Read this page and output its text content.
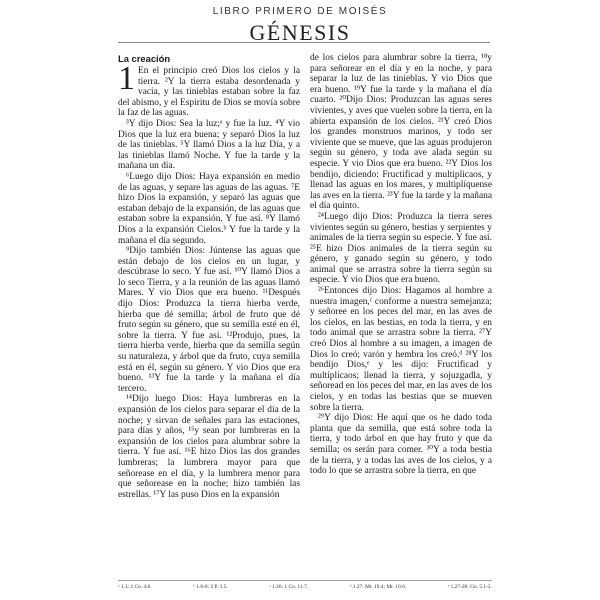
LIBRO PRIMERO DE MOISÉS
GÉNESIS
La creación

1 En el principio creó Dios los cielos y la tierra. ²Y la tierra estaba desordenada y vacía, y las tinieblas estaban sobre la faz del abismo, y el Espíritu de Dios se movía sobre la faz de las aguas.

³Y dijo Dios: Sea la luz;ᵃ y fue la luz. ⁴Y vio Dios que la luz era buena; y separó Dios la luz de las tinieblas. ⁵Y llamó Dios a la luz Día, y a las tinieblas llamó Noche. Y fue la tarde y la mañana un día.

⁶Luego dijo Dios: Haya expansión en medio de las aguas, y separe las aguas de las aguas. ⁷E hizo Dios la expansión, y separó las aguas que estaban debajo de la expansión, de las aguas que estaban sobre la expansión. Y fue así. ⁸Y llamó Dios a la expansión Cielos.ᵇ Y fue la tarde y la mañana el día segundo.

⁹Dijo también Dios: Júntense las aguas que están debajo de los cielos en un lugar, y descúbrase lo seco. Y fue así. ¹⁰Y llamó Dios a lo seco Tierra, y a la reunión de las aguas llamó Mares. Y vio Dios que era bueno. ¹¹Después dijo Dios: Produzca la tierra hierba verde, hierba que dé semilla; árbol de fruto que dé fruto según su género, que su semilla esté en él, sobre la tierra. Y fue así. ¹²Produjo, pues, la tierra hierba verde, hierba que da semilla según su naturaleza, y árbol que da fruto, cuya semilla está en él, según su género. Y vio Dios que era bueno. ¹³Y fue la tarde y la mañana el día tercero.

¹⁴Dijo luego Dios: Haya lumbreras en la expansión de los cielos para separar el día de la noche; y sirvan de señales para las estaciones, para días y años, ¹⁵y sean por lumbreras en la expansión de los cielos para alumbrar sobre la tierra. Y fue así. ¹⁶E hizo Dios las dos grandes lumbreras; la lumbrera mayor para que señorease en el día, y la lumbrera menor para que señorease en la noche; hizo también las estrellas. ¹⁷Y las puso Dios en la expansión

de los cielos para alumbrar sobre la tierra, ¹⁸y para señorear en el día y en la noche, y para separar la luz de las tinieblas. Y vio Dios que era bueno. ¹⁹Y fue la tarde y la mañana el día cuarto. ²⁰Dijo Dios: Produzcan las aguas seres vivientes, y aves que vuelen sobre la tierra, en la abierta expansión de los cielos. ²¹Y creó Dios los grandes monstruos marinos, y todo ser viviente que se mueve, que las aguas produjeron según su género, y toda ave alada según su especie. Y vio Dios que era bueno. ²²Y Dios los bendijo, diciendo: Fructificad y multiplicaos, y llenad las aguas en los mares, y multiplíquense las aves en la tierra. ²³Y fue la tarde y la mañana el día quinto.

²⁴Luego dijo Dios: Produzca la tierra seres vivientes según su género, bestias y serpientes y animales de la tierra según su especie. Y fue así. ²⁵E hizo Dios animales de la tierra según su género, y ganado según su género, y todo animal que se arrastra sobre la tierra según su especie. Y vio Dios que era bueno.

²⁶Entonces dijo Dios: Hagamos al hombre a nuestra imagen,ᶜ conforme a nuestra semejanza; y señoree en los peces del mar, en las aves de los cielos, en las bestias, en toda la tierra, y en todo animal que se arrastra sobre la tierra. ²⁷Y creó Dios al hombre a su imagen, a imagen de Dios lo creó; varón y hembra los creó.ᵈ ²⁸Y los bendijo Dios,ᵉ y les dijo: Fructificad y multiplicaos; llenad la tierra, y sojuzgadla, y señoread en los peces del mar, en las aves de los cielos, y en todas las bestias que se mueven sobre la tierra.

²⁹Y dijo Dios: He aquí que os he dado toda planta que da semilla, que está sobre toda la tierra, y todo árbol en que hay fruto y que da semilla; os serán para comer. ³⁰Y a toda bestia de la tierra, y a todas las aves de los cielos, y a todo lo que se arrastra sobre la tierra, en que

ᵃ 1.3: 2 Co. 4.6.	ᵇ 1.6-8: 2 P. 3.5.	ᶜ 1.26: 1 Co. 11.7.	ᵈ 1.27: Mt. 19.4; Mr. 10.6.	ᵉ 1.27-28: Gn. 5.1-2.
